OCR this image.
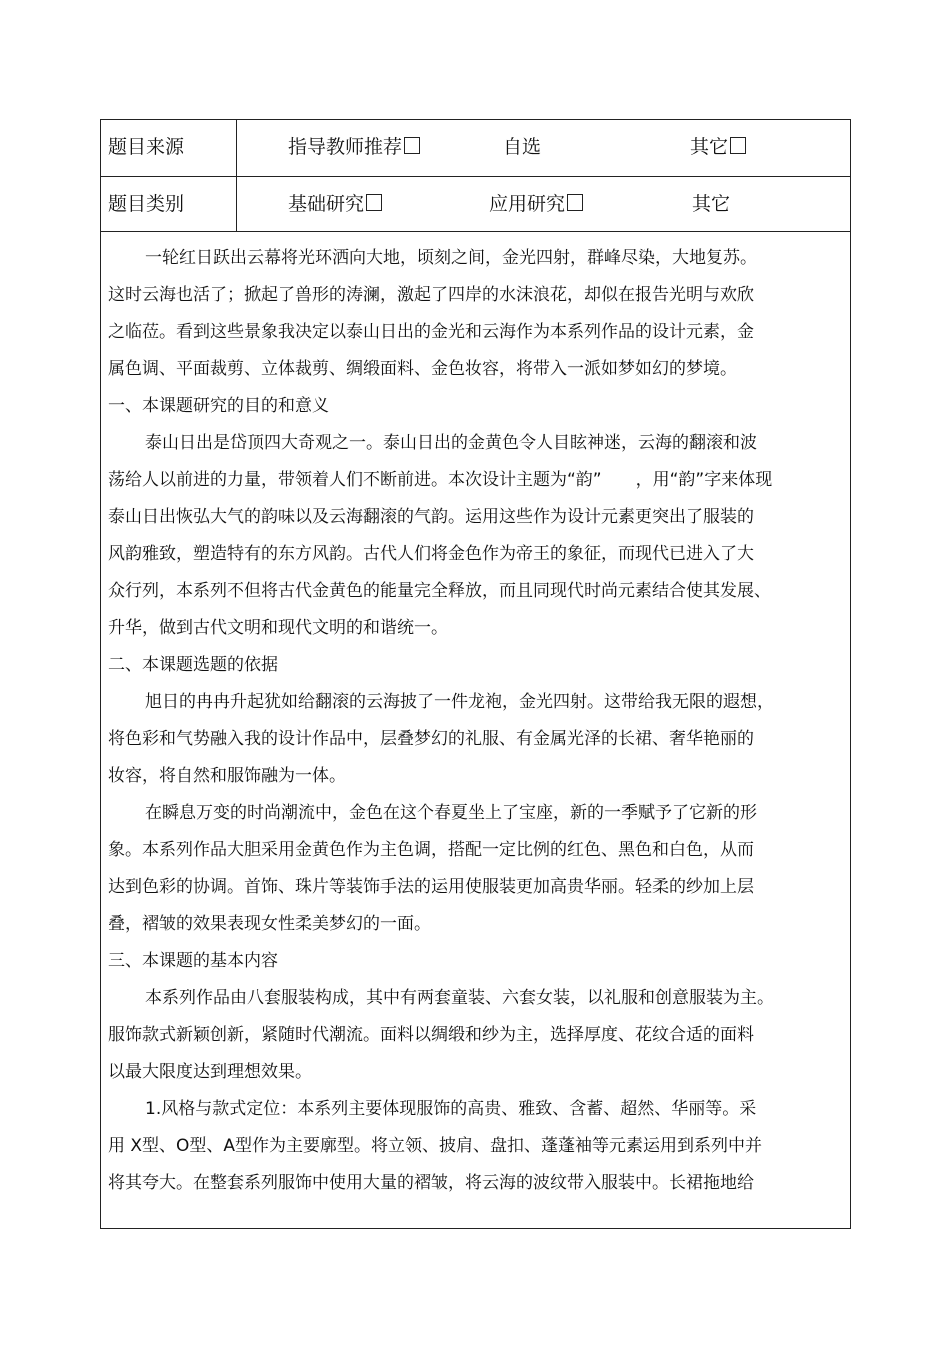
题目来源	指导教师推荐	自选	其它
题目类别	基础研究	应用研究	其它
一轮红日跃出云幕将光环洒向大地，顷刻之间，金光四射，群峰尽染，大地复苏。
这时云海也活了；掀起了兽形的涛澜，激起了四岸的水沫浪花，却似在报告光明与欢欣
之临莅。看到这些景象我决定以泰山日出的金光和云海作为本系列作品的设计元素，金
属色调、平面裁剪、立体裁剪、绸缎面料、金色妆容，将带入一派如梦如幻的梦境。
一、本课题研究的目的和意义
泰山日出是岱顶四大奇观之一。泰山日出的金黄色令人目眩神迷，云海的翻滚和波
荡给人以前进的力量，带领着人们不断前进。本次设计主题为“韵”　　，用“韵”字来体现
泰山日出恢弘大气的韵味以及云海翻滚的气韵。运用这些作为设计元素更突出了服装的
风韵雅致，塑造特有的东方风韵。古代人们将金色作为帝王的象征，而现代已进入了大
众行列，本系列不但将古代金黄色的能量完全释放，而且同现代时尚元素结合使其发展、
升华，做到古代文明和现代文明的和谐统一。
二、本课题选题的依据
旭日的冉冉升起犹如给翻滚的云海披了一件龙袍，金光四射。这带给我无限的遐想，
将色彩和气势融入我的设计作品中，层叠梦幻的礼服、有金属光泽的长裙、奢华艳丽的
妆容，将自然和服饰融为一体。
在瞬息万变的时尚潮流中，金色在这个春夏坐上了宝座，新的一季赋予了它新的形
象。本系列作品大胆采用金黄色作为主色调，搭配一定比例的红色、黑色和白色，从而
达到色彩的协调。首饰、珠片等装饰手法的运用使服装更加高贵华丽。轻柔的纱加上层
叠，褶皱的效果表现女性柔美梦幻的一面。
三、本课题的基本内容
本系列作品由八套服装构成，其中有两套童装、六套女装，以礼服和创意服装为主。
服饰款式新颖创新，紧随时代潮流。面料以绸缎和纱为主，选择厚度、花纹合适的面料
以最大限度达到理想效果。
1.风格与款式定位：本系列主要体现服饰的高贵、雅致、含蓄、超然、华丽等。采
用 X型、O型、A型作为主要廓型。将立领、披肩、盘扣、蓬蓬袖等元素运用到系列中并
将其夸大。在整套系列服饰中使用大量的褶皱，将云海的波纹带入服装中。长裙拖地给
